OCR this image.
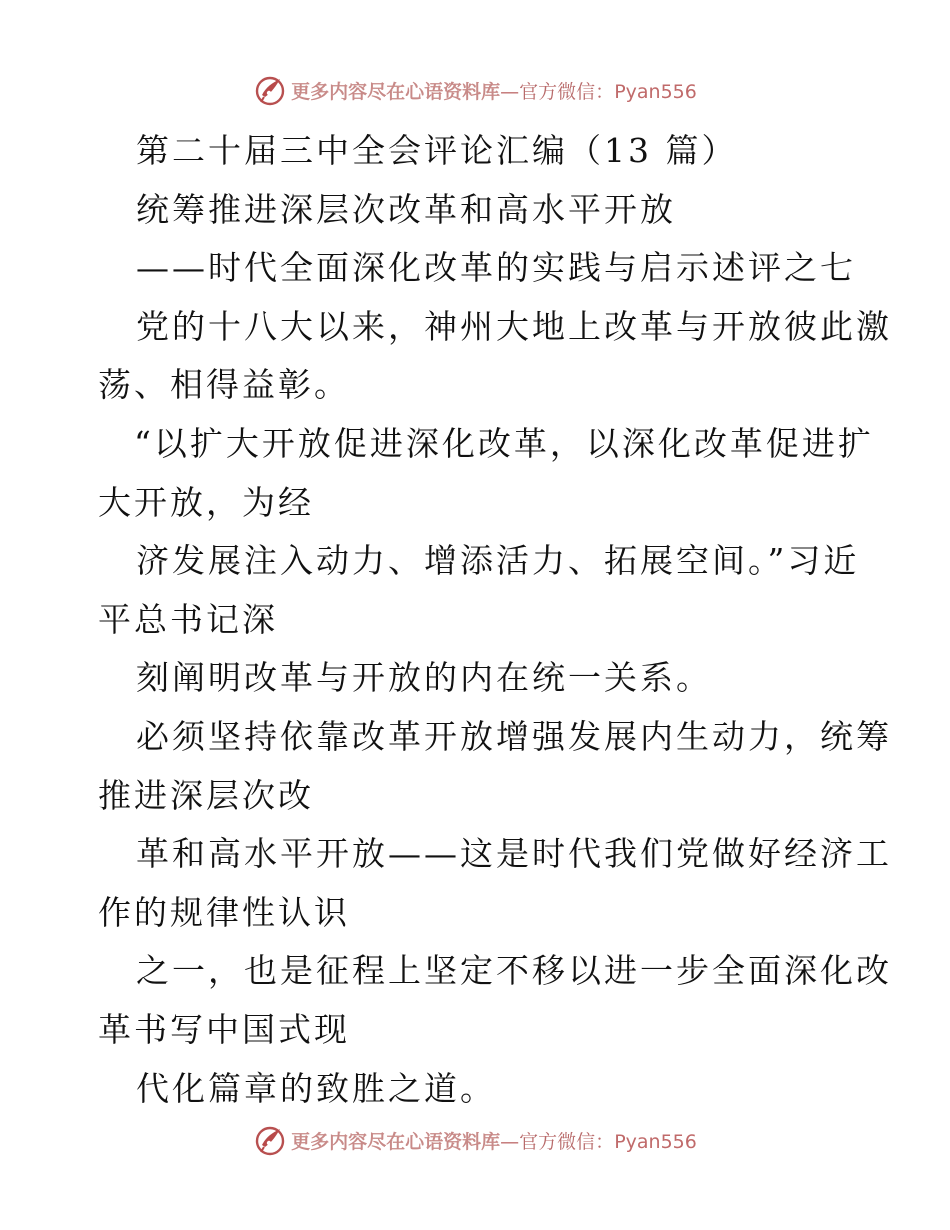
更多内容尽在心语资料库—官方微信：Pyan556
第二十届三中全会评论汇编（13 篇）
统筹推进深层次改革和高水平开放
——时代全面深化改革的实践与启示述评之七
党的十八大以来，神州大地上改革与开放彼此激
荡、相得益彰。
“以扩大开放促进深化改革，以深化改革促进扩
大开放，为经
济发展注入动力、增添活力、拓展空间。”习近
平总书记深
刻阐明改革与开放的内在统一关系。
必须坚持依靠改革开放增强发展内生动力，统筹
推进深层次改
革和高水平开放——这是时代我们党做好经济工
作的规律性认识
之一，也是征程上坚定不移以进一步全面深化改
革书写中国式现
代化篇章的致胜之道。
更多内容尽在心语资料库—官方微信：Pyan556
